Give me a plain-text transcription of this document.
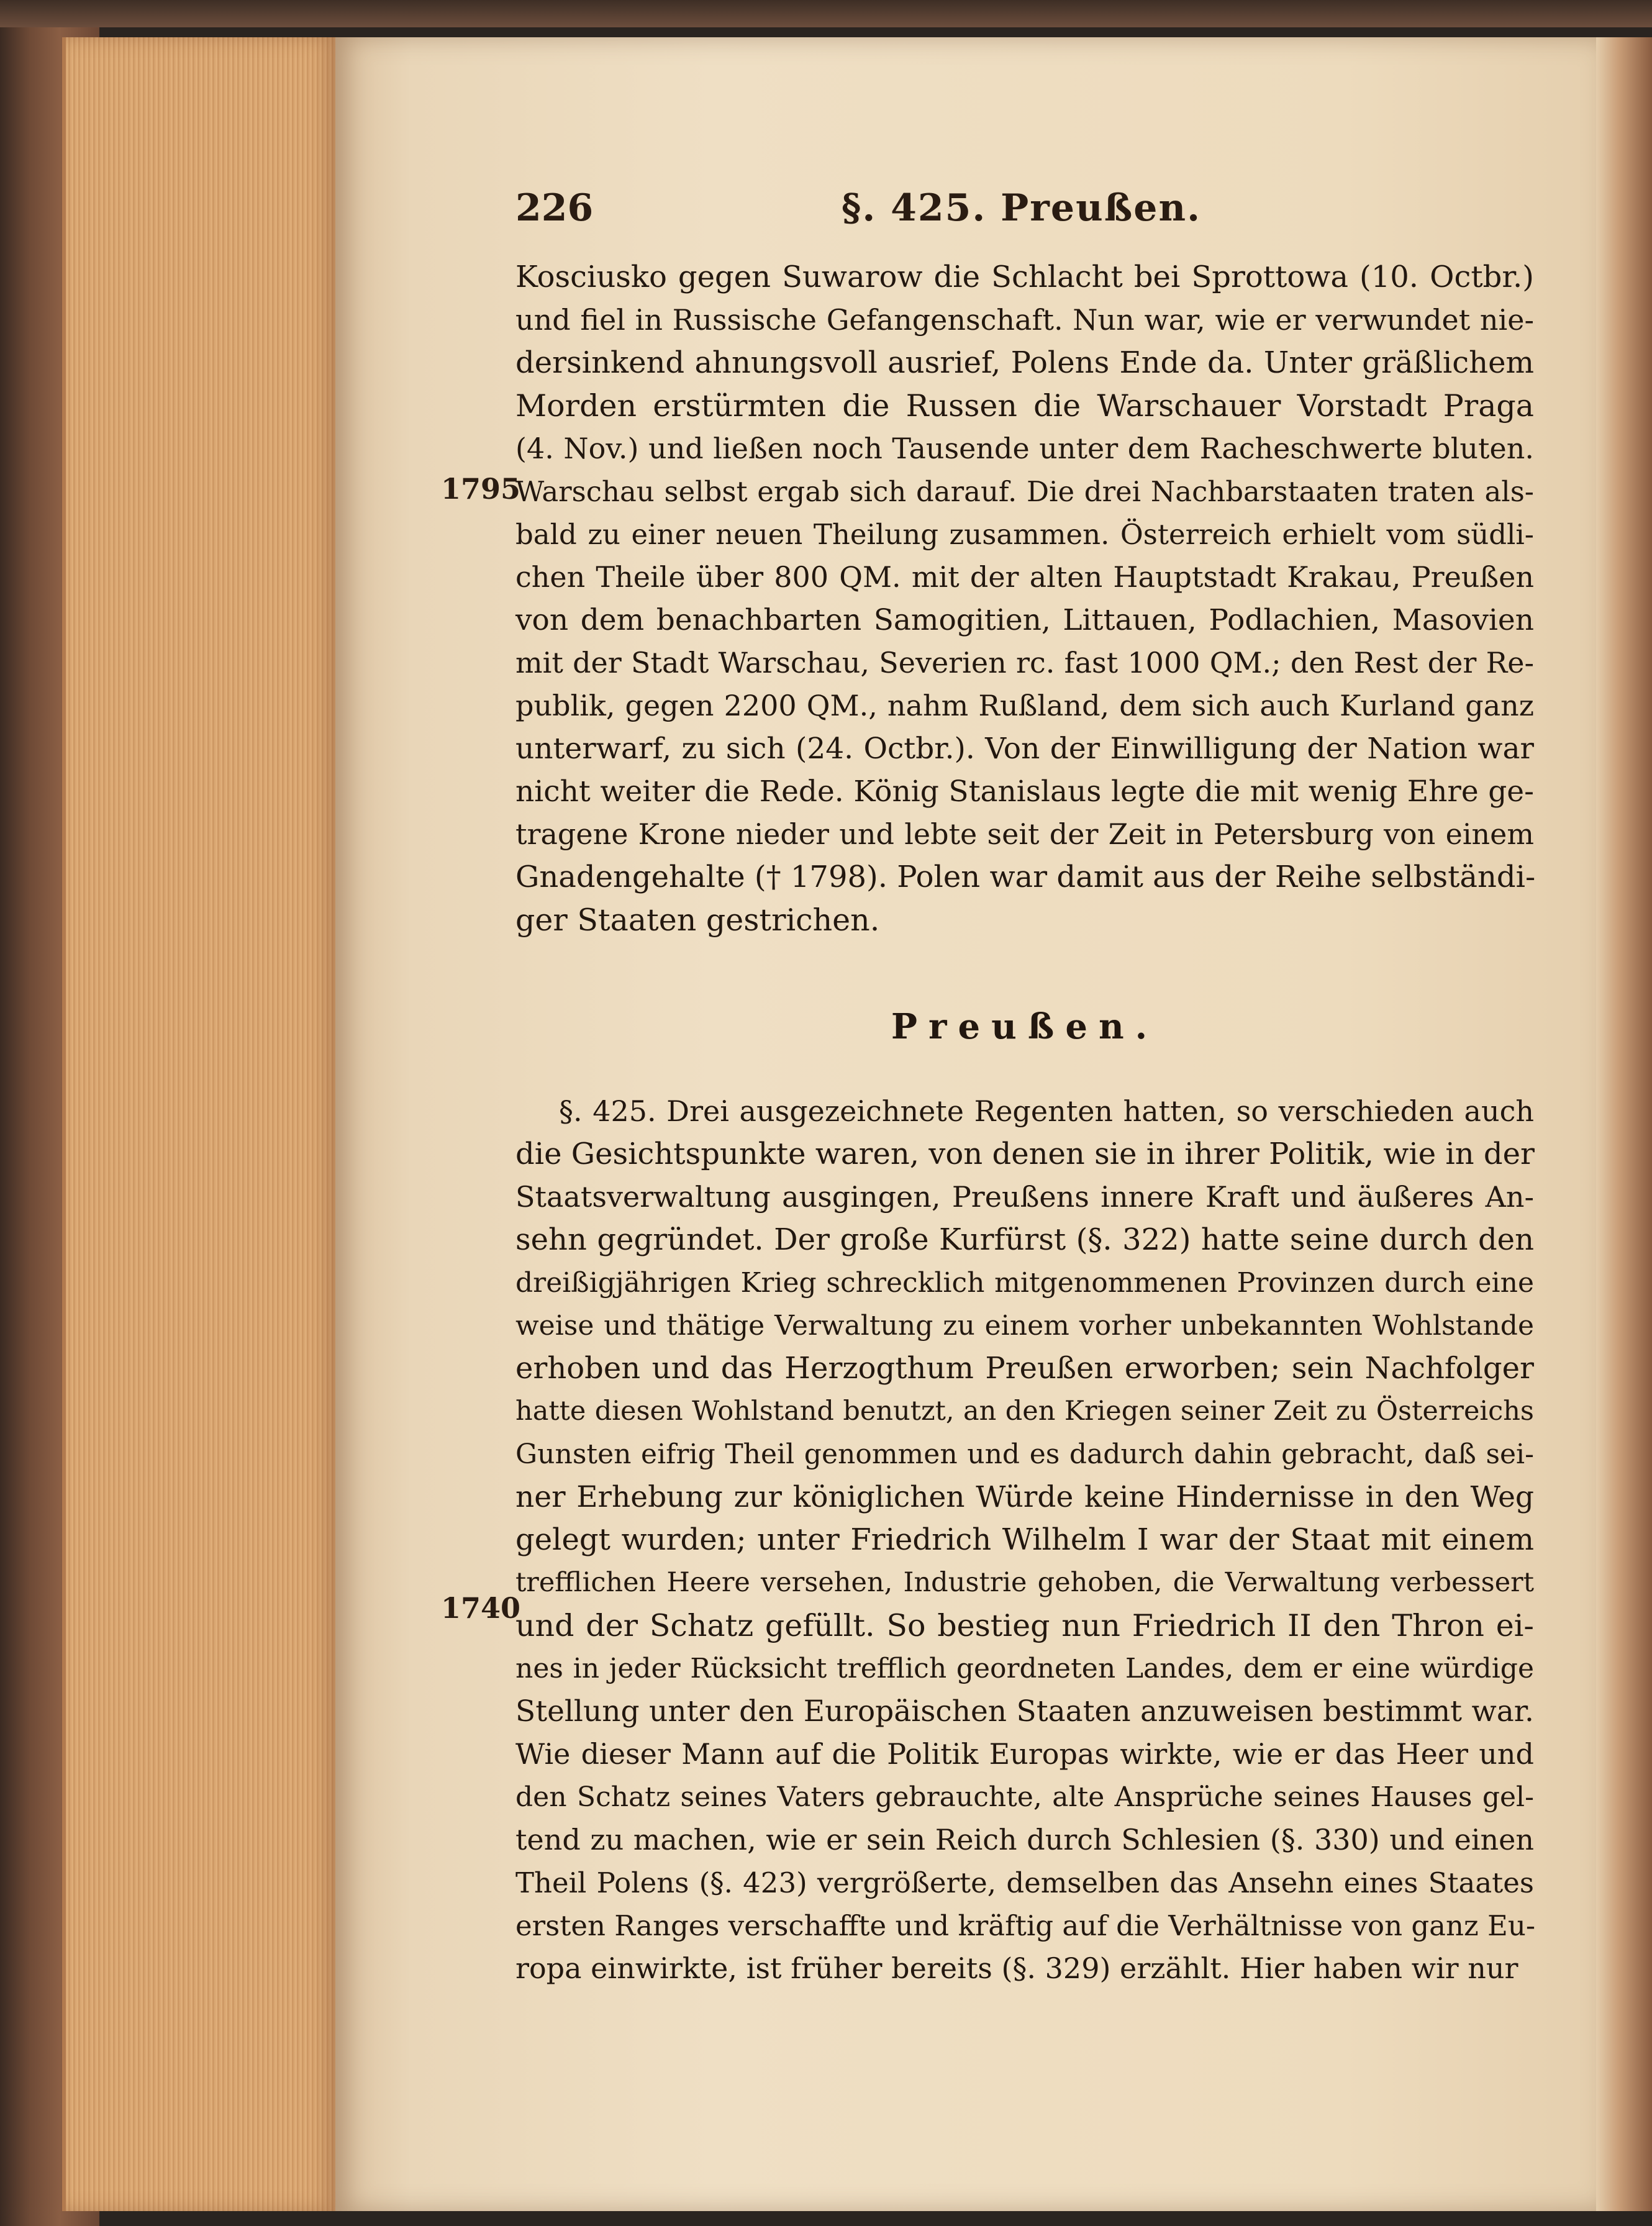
226	§. 425. Preußen.
Kosciusko gegen Suwarow die Schlacht bei Sprottowa (10. Octbr.)
und fiel in Russische Gefangenschaft. Nun war, wie er verwundet nie-
dersinkend ahnungsvoll ausrief, Polens Ende da. Unter gräßlichem
Morden erstürmten die Russen die Warschauer Vorstadt Praga
(4. Nov.) und ließen noch Tausende unter dem Racheschwerte bluten.
Warschau selbst ergab sich darauf. Die drei Nachbarstaaten traten als-
bald zu einer neuen Theilung zusammen. Österreich erhielt vom südli-
chen Theile über 800 QM. mit der alten Hauptstadt Krakau, Preußen
von dem benachbarten Samogitien, Littauen, Podlachien, Masovien
mit der Stadt Warschau, Severien rc. fast 1000 QM.; den Rest der Re-
publik, gegen 2200 QM., nahm Rußland, dem sich auch Kurland ganz
unterwarf, zu sich (24. Octbr.). Von der Einwilligung der Nation war
nicht weiter die Rede. König Stanislaus legte die mit wenig Ehre ge-
tragene Krone nieder und lebte seit der Zeit in Petersburg von einem
Gnadengehalte († 1798). Polen war damit aus der Reihe selbständi-
ger Staaten gestrichen.
1795
Preußen.
§. 425. Drei ausgezeichnete Regenten hatten, so verschieden auch
die Gesichtspunkte waren, von denen sie in ihrer Politik, wie in der
Staatsverwaltung ausgingen, Preußens innere Kraft und äußeres An-
sehn gegründet. Der große Kurfürst (§. 322) hatte seine durch den
dreißigjährigen Krieg schrecklich mitgenommenen Provinzen durch eine
weise und thätige Verwaltung zu einem vorher unbekannten Wohlstande
erhoben und das Herzogthum Preußen erworben; sein Nachfolger
hatte diesen Wohlstand benutzt, an den Kriegen seiner Zeit zu Österreichs
Gunsten eifrig Theil genommen und es dadurch dahin gebracht, daß sei-
ner Erhebung zur königlichen Würde keine Hindernisse in den Weg
gelegt wurden; unter Friedrich Wilhelm I war der Staat mit einem
trefflichen Heere versehen, Industrie gehoben, die Verwaltung verbessert
und der Schatz gefüllt. So bestieg nun Friedrich II den Thron ei-
nes in jeder Rücksicht trefflich geordneten Landes, dem er eine würdige
Stellung unter den Europäischen Staaten anzuweisen bestimmt war.
Wie dieser Mann auf die Politik Europas wirkte, wie er das Heer und
den Schatz seines Vaters gebrauchte, alte Ansprüche seines Hauses gel-
tend zu machen, wie er sein Reich durch Schlesien (§. 330) und einen
Theil Polens (§. 423) vergrößerte, demselben das Ansehn eines Staates
ersten Ranges verschaffte und kräftig auf die Verhältnisse von ganz Eu-
ropa einwirkte, ist früher bereits (§. 329) erzählt. Hier haben wir nur
1740
